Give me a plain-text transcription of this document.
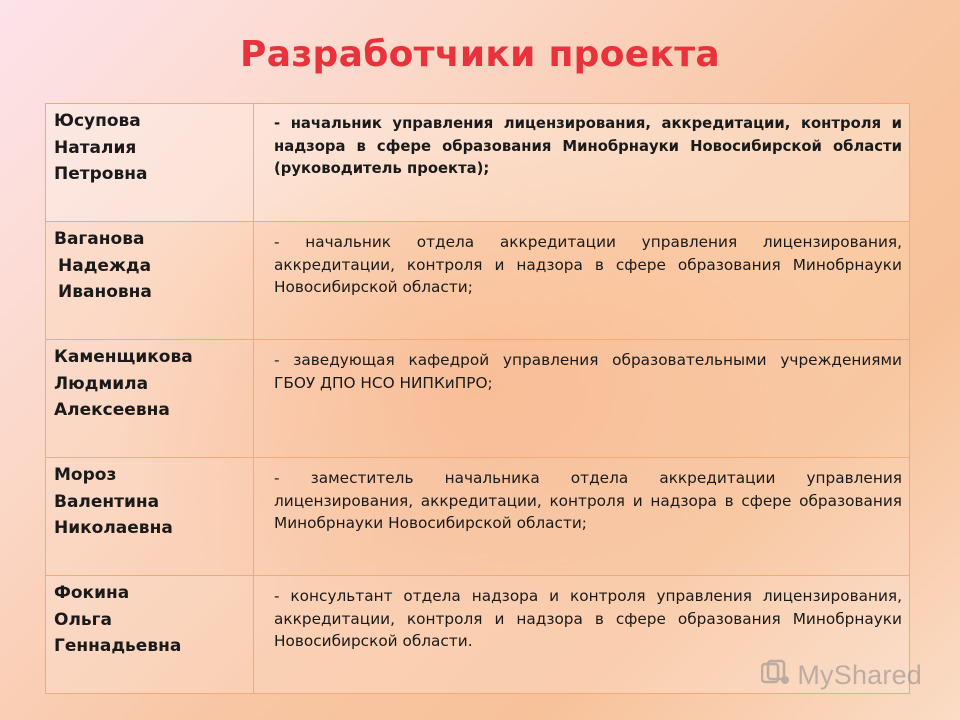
Разработчики проекта
Юсупова
Наталия
Петровна	- начальник управления лицензирования, аккредитации, контроля и надзора в сфере образования Минобрнауки Новосибирской области (руководитель проекта);

Ваганова
Надежда
Ивановна	- начальник отдела аккредитации управления лицензирования, аккредитации, контроля и надзора в сфере образования Минобрнауки Новосибирской области;

Каменщикова
Людмила
Алексеевна	- заведующая кафедрой управления образовательными учреждениями ГБОУ ДПО НСО НИПКиПРО;

Мороз
Валентина
Николаевна	- заместитель начальника отдела аккредитации управления лицензирования, аккредитации, контроля и надзора в сфере образования Минобрнауки Новосибирской области;

Фокина
Ольга
Геннадьевна	- консультант отдела надзора и контроля управления лицензирования, аккредитации, контроля и надзора в сфере образования Минобрнауки Новосибирской области.
MyShared
